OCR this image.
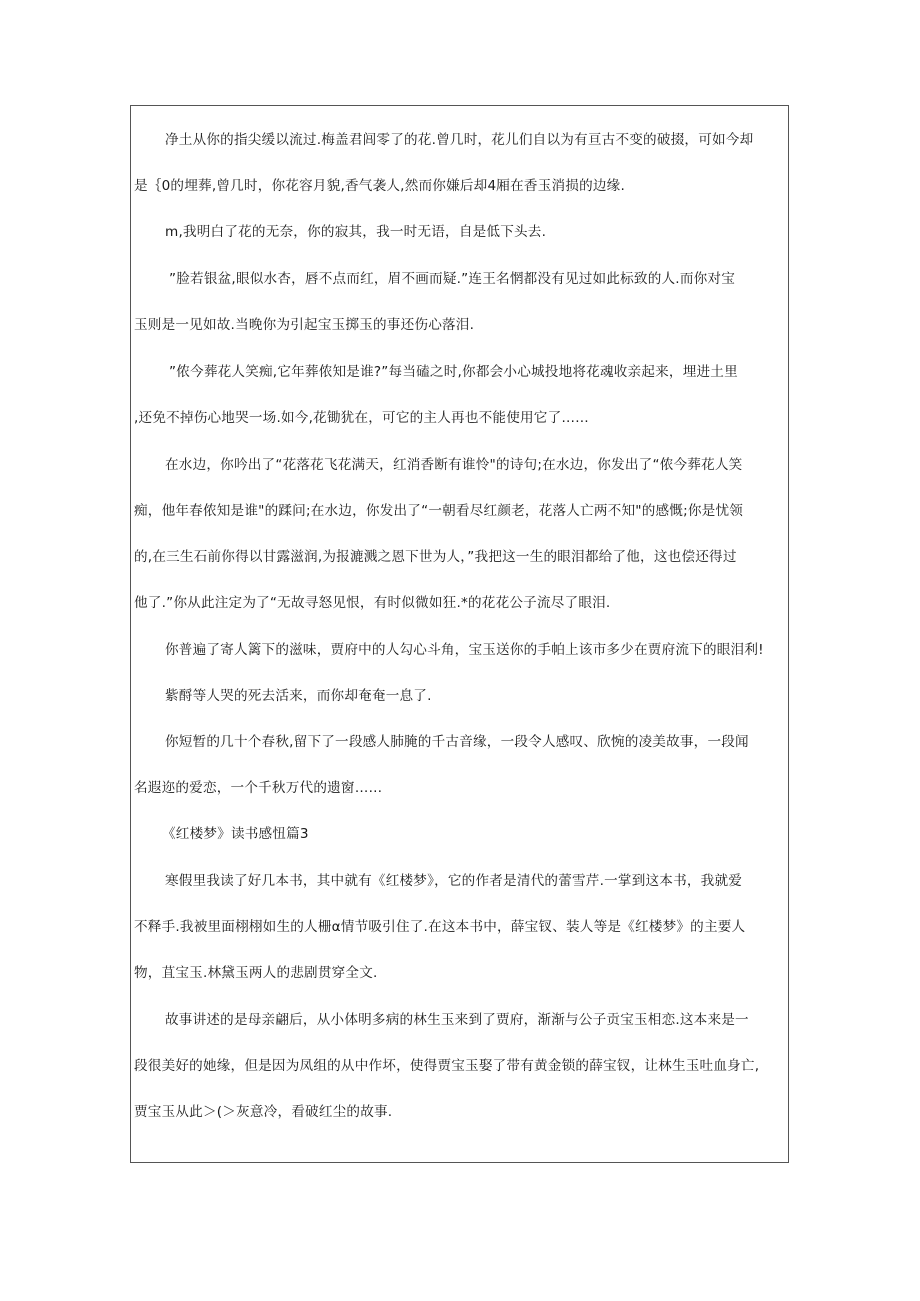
净土从你的指尖缓以流过.梅盖君闾零了的花.曾几时，花儿们自以为有亘古不变的破掇，可如今却
是｛0的埋葬,曾几时，你花容月貌,香气袭人,然而你嫌后却4厢在香玉消损的边缘.
m,我明白了花的无奈，你的寂其，我一时无语，自是低下头去.
”脸若银盆,眼似水杏，唇不点而红，眉不画而疑.”连王名惘都没有见过如此标致的人.而你对宝
玉则是一见如故.当晚你为引起宝玉掷玉的事还伤心落泪.
”侬今葬花人笑痴,它年葬侬知是谁?”每当磕之时,你都会小心城投地将花魂收亲起来，埋进土里
,还免不掉伤心地哭一场.如今,花锄犹在，可它的主人再也不能使用它了……
在水边，你吟出了“花落花飞花满天，红消香断有谁怜"的诗句;在水边，你发出了“侬今葬花人笑
痴，他年春侬知是谁"的蹂问;在水边，你发出了“一朝看尽红颜老，花落人亡两不知"的感慨;你是忧领
的,在三生石前你得以甘露滋润,为报漉溅之恩下世为人，”我把这一生的眼泪都给了他，这也偿还得过
他了.”你从此注定为了“无故寻怒见恨，有时似微如狂.*的花花公子流尽了眼泪.
你普遍了寄人篱下的滋味，贾府中的人勾心斗角，宝玉送你的手帕上该市多少在贾府流下的眼泪利!
紫酹等人哭的死去活来，而你却奄奄一息了.
你短暂的几十个春秋,留下了一段感人肺腌的千古音缘，一段令人感叹、欣惋的凌美故事，一段闻
名遐迩的爱恋，一个千秋万代的遗窗……
《红楼梦》读书感忸篇3
寒假里我读了好几本书，其中就有《红楼梦》，它的作者是清代的蕾雪芹.一掌到这本书，我就爱
不释手.我被里面栩栩如生的人栅α情节吸引住了.在这本书中，薛宝钗、装人等是《红楼梦》的主要人
物，苴宝玉.林黛玉两人的悲剧贯穿全文.
故事讲述的是母亲翩后，从小体明多病的林生玉来到了贾府，渐渐与公子贡宝玉相恋.这本来是一
段很美好的她缘，但是因为凤组的从中作坏，使得贾宝玉娶了带有黄金锁的薛宝钗，让林生玉吐血身亡,
贾宝玉从此＞(＞灰意冷，看破红尘的故事.
